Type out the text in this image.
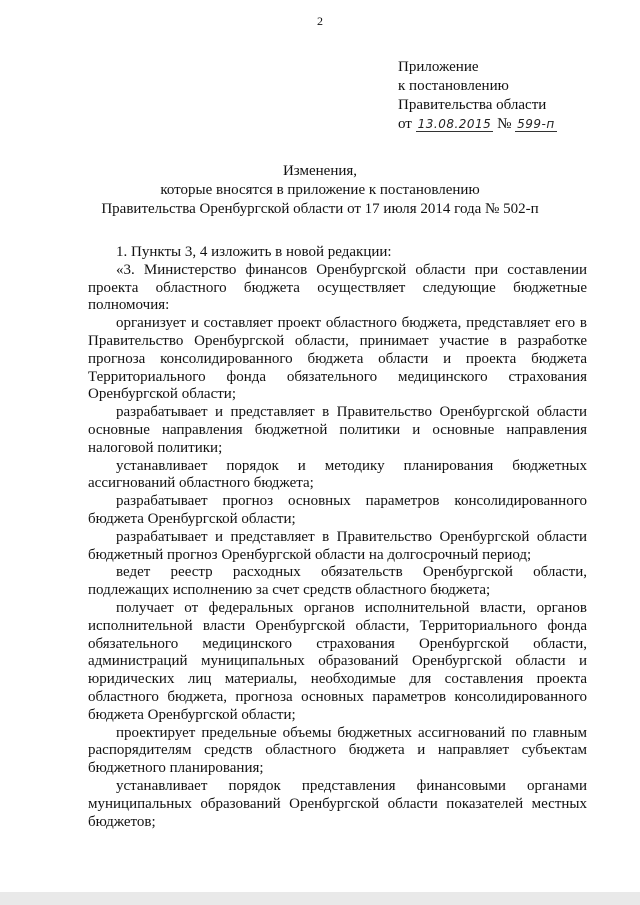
2
Приложение
к постановлению
Правительства области
от 13.08.2015 № 599-п
Изменения,
которые вносятся в приложение к постановлению
Правительства Оренбургской области от 17 июля 2014 года № 502-п

1. Пункты 3, 4 изложить в новой редакции:

«3. Министерство финансов Оренбургской области при составлении проекта областного бюджета осуществляет следующие бюджетные полномочия:

организует и составляет проект областного бюджета, представляет его в Правительство Оренбургской области, принимает участие в разработке прогноза консолидированного бюджета области и проекта бюджета Территориального фонда обязательного медицинского страхования Оренбургской области;

разрабатывает и представляет в Правительство Оренбургской области основные направления бюджетной политики и основные направления налоговой политики;

устанавливает порядок и методику планирования бюджетных ассигнований областного бюджета;

разрабатывает прогноз основных параметров консолидированного бюджета Оренбургской области;

разрабатывает и представляет в Правительство Оренбургской области бюджетный прогноз Оренбургской области на долгосрочный период;

ведет реестр расходных обязательств Оренбургской области, подлежащих исполнению за счет средств областного бюджета;

получает от федеральных органов исполнительной власти, органов исполнительной власти Оренбургской области, Территориального фонда обязательного медицинского страхования Оренбургской области, администраций муниципальных образований Оренбургской области и юридических лиц материалы, необходимые для составления проекта областного бюджета, прогноза основных параметров консолидированного бюджета Оренбургской области;

проектирует предельные объемы бюджетных ассигнований по главным распорядителям средств областного бюджета и направляет субъектам бюджетного планирования;

устанавливает порядок представления финансовыми органами муниципальных образований Оренбургской области показателей местных бюджетов;
